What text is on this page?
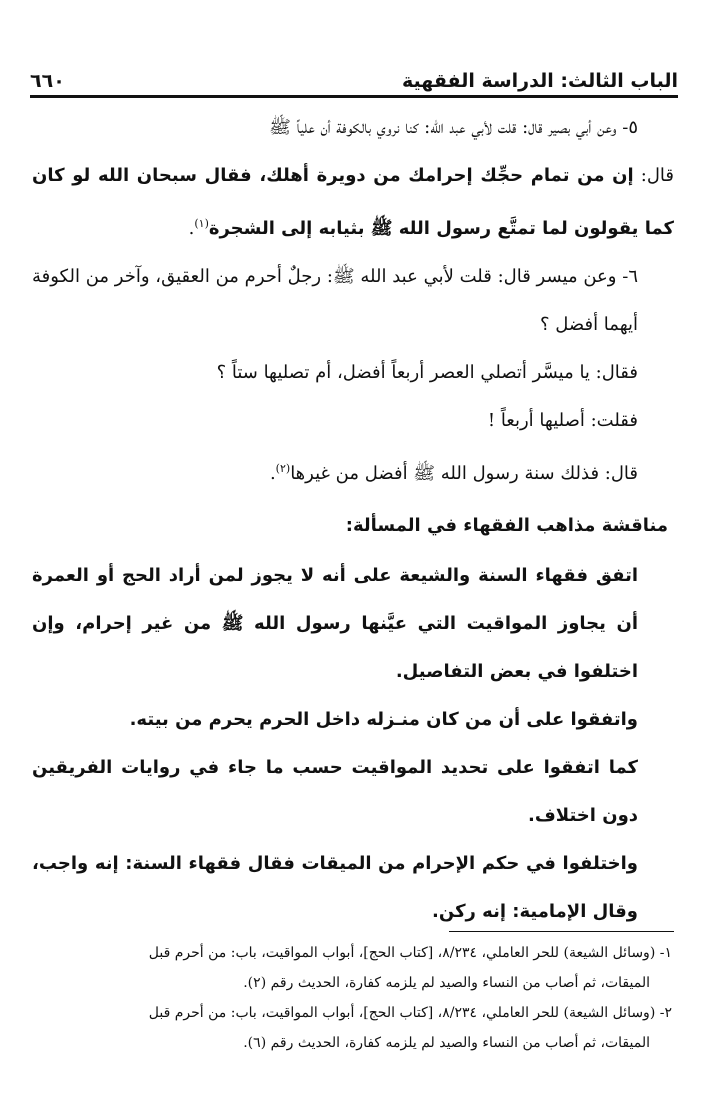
الباب الثالث: الدراسة الفقهية
٦٦٠

٥- وعن أبي بصير قال: قلت لأبي عبد الله: كنا نروي بالكوفة أن علياً ﷺ

قال: إن من تمام حجِّك إحرامك من دويرة أهلك، فقال سبحان الله لو كان كما يقولون لما تمتَّع رسول الله ﷺ بثيابه إلى الشجرة$^{(١)}$.

٦- وعن ميسر قال: قلت لأبي عبد الله ﷺ: رجلٌ أحرم من العقيق، وآخر من الكوفة أيهما أفضل ؟

فقال: يا ميسَّر أتصلي العصر أربعاً أفضل، أم تصليها ستاً ؟

فقلت: أصليها أربعاً !

قال: فذلك سنة رسول الله ﷺ أفضل من غيرها$^{(٢)}$.

مناقشة مذاهب الفقهاء في المسألة:

اتفق فقهاء السنة والشيعة على أنه لا يجوز لمن أراد الحج أو العمرة أن يجاوز المواقيت التي عيَّنها رسول الله ﷺ من غير إحرام، وإن اختلفوا في بعض التفاصيل.

واتفقوا على أن من كان منـزله داخل الحرم يحرم من بيته.

كما اتفقوا على تحديد المواقيت حسب ما جاء في روايات الفريقين دون اختلاف.

واختلفوا في حكم الإحرام من الميقات فقال فقهاء السنة: إنه واجب، وقال الإمامية: إنه ركن.

١- (وسائل الشيعة) للحر العاملي، ٨/٢٣٤، [كتاب الحج]، أبواب المواقيت، باب: من أحرم قبل

الميقات، ثم أصاب من النساء والصيد لم يلزمه كفارة، الحديث رقم (٢).

٢- (وسائل الشيعة) للحر العاملي، ٨/٢٣٤، [كتاب الحج]، أبواب المواقيت، باب: من أحرم قبل

الميقات، ثم أصاب من النساء والصيد لم يلزمه كفارة، الحديث رقم (٦).
